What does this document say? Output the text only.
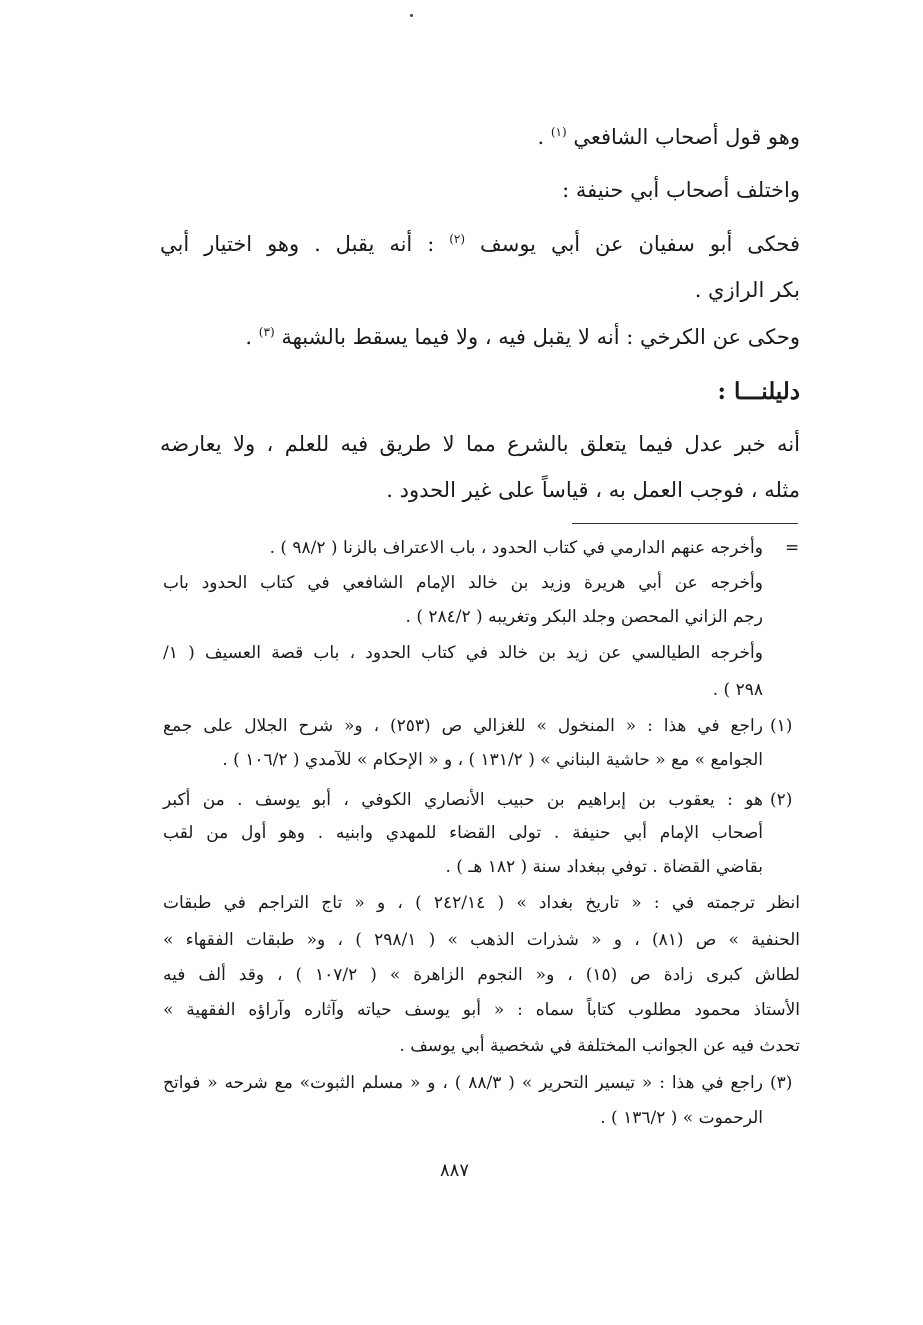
وهو قول أصحاب الشافعي $^{(١)}$ .
واختلف أصحاب أبي حنيفة :
فحكى أبو سفيان عن أبي يوسف $^{(٢)}$ : أنه يقبل . وهو اختيار أبي
بكر الرازي .
وحكى عن الكرخي : أنه لا يقبل فيه ، ولا فيما يسقط بالشبهة $^{(٣)}$ .
دليلنـــا :
أنه خبر عدل فيما يتعلق بالشرع مما لا طريق فيه للعلم ، ولا يعارضه
مثله ، فوجب العمل به ، قياساً على غير الحدود .
=
وأخرجه عنهم الدارمي في كتاب الحدود ، باب الاعتراف بالزنا ( ٩٨/٢ ) .
وأخرجه عن أبي هريرة وزيد بن خالد الإمام الشافعي في كتاب الحدود باب
رجم الزاني المحصن وجلد البكر وتغريبه ( ٢٨٤/٢ ) .
وأخرجه الطيالسي عن زيد بن خالد في كتاب الحدود ، باب قصة العسيف ( ١/
٢٩٨ ) .
(١)
راجع في هذا : « المنخول » للغزالي ص (٢٥٣) ، و« شرح الجلال على جمع
الجوامع » مع « حاشية البناني » ( ١٣١/٢ ) ، و « الإحكام » للآمدي ( ١٠٦/٢ ) .
(٢)
هو : يعقوب بن إبراهيم بن حبيب الأنصاري الكوفي ، أبو يوسف . من أكبر
أصحاب الإمام أبي حنيفة . تولى القضاء للمهدي وابنيه . وهو أول من لقب
بقاضي القضاة . توفي ببغداد سنة ( ١٨٢ هـ ) .
انظر ترجمته في : « تاريخ بغداد » ( ٢٤٢/١٤ ) ، و « تاج التراجم في طبقات
الحنفية » ص (٨١) ، و « شذرات الذهب » ( ٢٩٨/١ ) ، و« طبقات الفقهاء »
لطاش كبرى زادة ص (١٥) ، و« النجوم الزاهرة » ( ١٠٧/٢ ) ، وقد ألف فيه
الأستاذ محمود مطلوب كتاباً سماه : « أبو يوسف حياته وآثاره وآراؤه الفقهية »
تحدث فيه عن الجوانب المختلفة في شخصية أبي يوسف .
(٣)
راجع في هذا : « تيسير التحرير » ( ٨٨/٣ ) ، و « مسلم الثبوت» مع شرحه « فواتح
الرحموت » ( ١٣٦/٢ ) .
٨٨٧
